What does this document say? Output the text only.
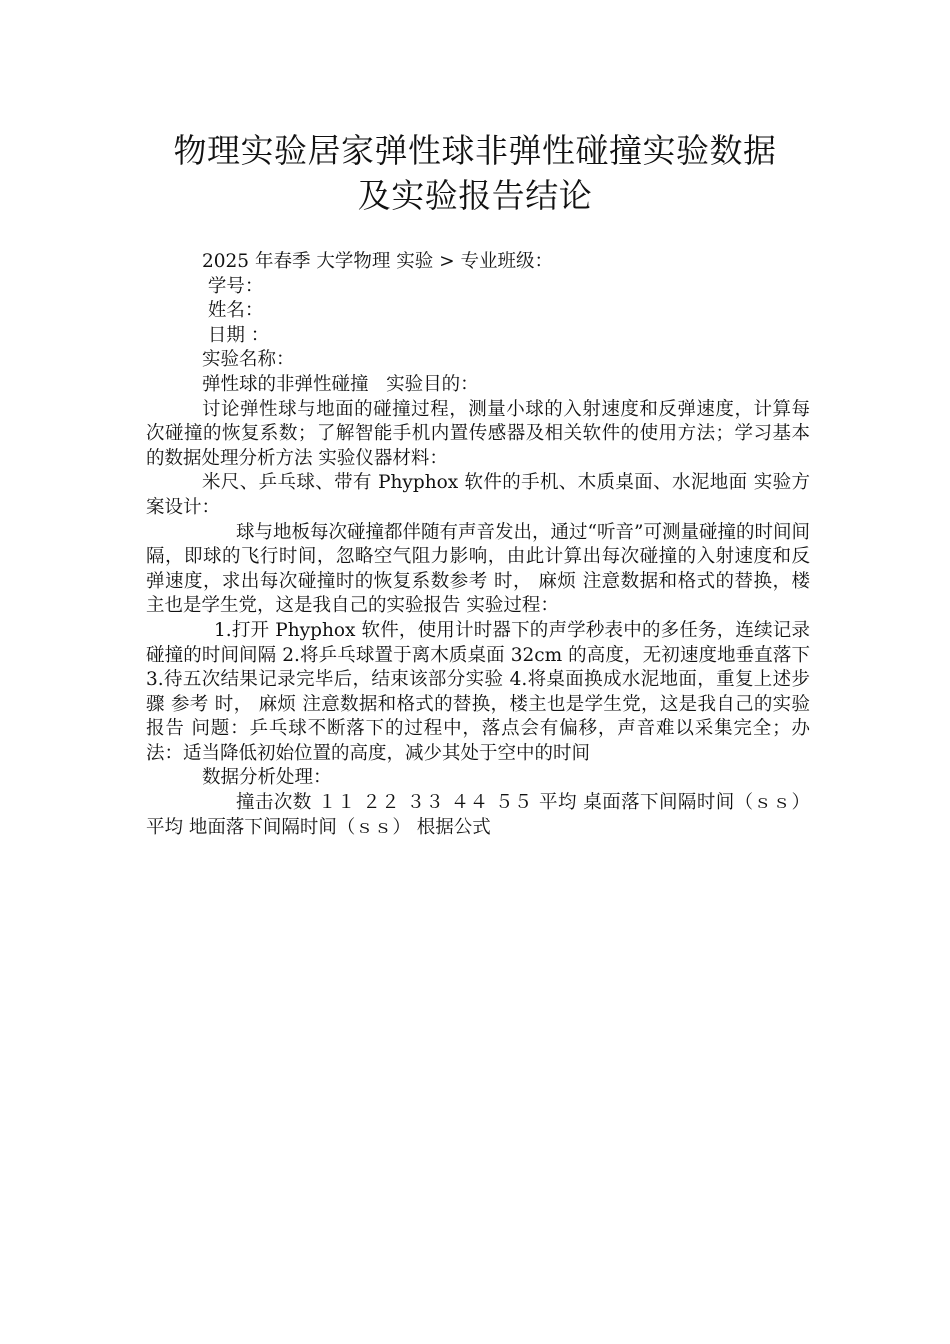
物理实验居家弹性球非弹性碰撞实验数据
及实验报告结论
2025 年春季 大学物理 实验 > 专业班级：
学号：
姓名：
日期 ：
实验名称：
弹性球的非弹性碰撞   实验目的：
讨论弹性球与地面的碰撞过程，测量小球的入射速度和反弹速度，计算每次碰撞的恢复系数；了解智能手机内置传感器及相关软件的使用方法；学习基本的数据处理分析方法 实验仪器材料：
米尺、乒乓球、带有 Phyphox 软件的手机、木质桌面、水泥地面 实验方案设计：
球与地板每次碰撞都伴随有声音发出，通过“听音”可测量碰撞的时间间隔，即球的飞行时间，忽略空气阻力影响，由此计算出每次碰撞的入射速度和反弹速度，求出每次碰撞时的恢复系数参考 时， 麻烦 注意数据和格式的替换，楼主也是学生党，这是我自己的实验报告 实验过程：
1.打开 Phyphox 软件，使用计时器下的声学秒表中的多任务，连续记录碰撞的时间间隔 2.将乒乓球置于离木质桌面 32cm 的高度，无初速度地垂直落下 3.待五次结果记录完毕后，结束该部分实验 4.将桌面换成水泥地面，重复上述步骤 参考 时， 麻烦 注意数据和格式的替换，楼主也是学生党，这是我自己的实验报告 问题：乒乓球不断落下的过程中，落点会有偏移，声音难以采集完全；办法：适当降低初始位置的高度，减少其处于空中的时间
数据分析处理：
撞击次数 １１ ２２ ３３ ４４ ５５ 平均 桌面落下间隔时间（ｓｓ） 平均 地面落下间隔时间（ｓｓ） 根据公式
